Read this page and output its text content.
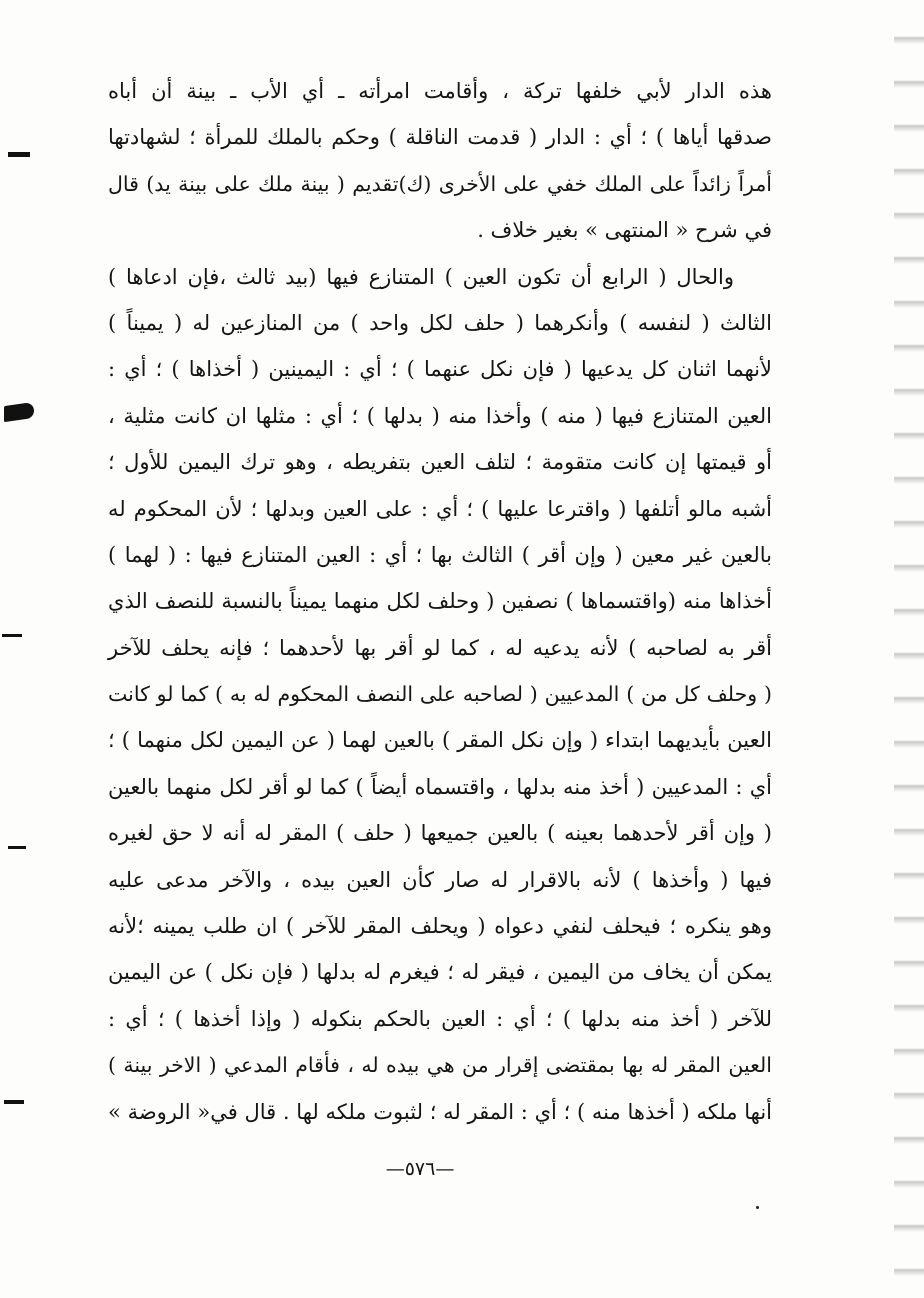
هذه الدار لأبي خلفها تركة ، وأقامت امرأته ـ أي الأب ـ بينة أن أباه
صدقها أياها ) ؛ أي : الدار ( قدمت الناقلة ) وحكم بالملك للمرأة ؛ لشهادتها
أمراً زائداً على الملك خفي على الأخرى (ك)تقديم ( بينة ملك على بينة يد) قال
في شرح « المنتهى » بغير خلاف .
والحال ( الرابع أن تكون العين ) المتنازع فيها (بيد ثالث ،فإن ادعاها )
الثالث ( لنفسه ) وأنكرهما ( حلف لكل واحد ) من المنازعين له ( يميناً )
لأنهما اثنان كل يدعيها ( فإن نكل عنهما ) ؛ أي : اليمينين ( أخذاها ) ؛ أي :
العين المتنازع فيها ( منه ) وأخذا منه ( بدلها ) ؛ أي : مثلها ان كانت مثلية ،
أو قيمتها إن كانت متقومة ؛ لتلف العين بتفريطه ، وهو ترك اليمين للأول ؛
أشبه مالو أتلفها ( واقترعا عليها ) ؛ أي : على العين وبدلها ؛ لأن المحكوم له
بالعين غير معين ( وإن أقر ) الثالث بها ؛ أي : العين المتنازع فيها : ( لهما )
أخذاها منه (واقتسماها ) نصفين ( وحلف لكل منهما يميناً بالنسبة للنصف الذي
أقر به لصاحبه ) لأنه يدعيه له ، كما لو أقر بها لأحدهما ؛ فإنه يحلف للآخر
( وحلف كل من ) المدعيين ( لصاحبه على النصف المحكوم له به ) كما لو كانت
العين بأيديهما ابتداء ( وإن نكل المقر ) بالعين لهما ( عن اليمين لكل منهما ) ؛
أي : المدعيين ( أخذ منه بدلها ، واقتسماه أيضاً ) كما لو أقر لكل منهما بالعين
( وإن أقر لأحدهما بعينه ) بالعين جميعها ( حلف ) المقر له أنه لا حق لغيره
فيها ( وأخذها ) لأنه بالاقرار له صار كأن العين بيده ، والآخر مدعى عليه
وهو ينكره ؛ فيحلف لنفي دعواه ( ويحلف المقر للآخر ) ان طلب يمينه ؛لأنه
يمكن أن يخاف من اليمين ، فيقر له ؛ فيغرم له بدلها ( فإن نكل ) عن اليمين
للآخر ( أخذ منه بدلها ) ؛ أي : العين بالحكم بنكوله ( وإذا أخذها ) ؛ أي :
العين المقر له بها بمقتضى إقرار من هي بيده له ، فأقام المدعي ( الاخر بينة )
أنها ملكه ( أخذها منه ) ؛ أي : المقر له ؛ لثبوت ملكه لها . قال في« الروضة »
—٥٧٦—
